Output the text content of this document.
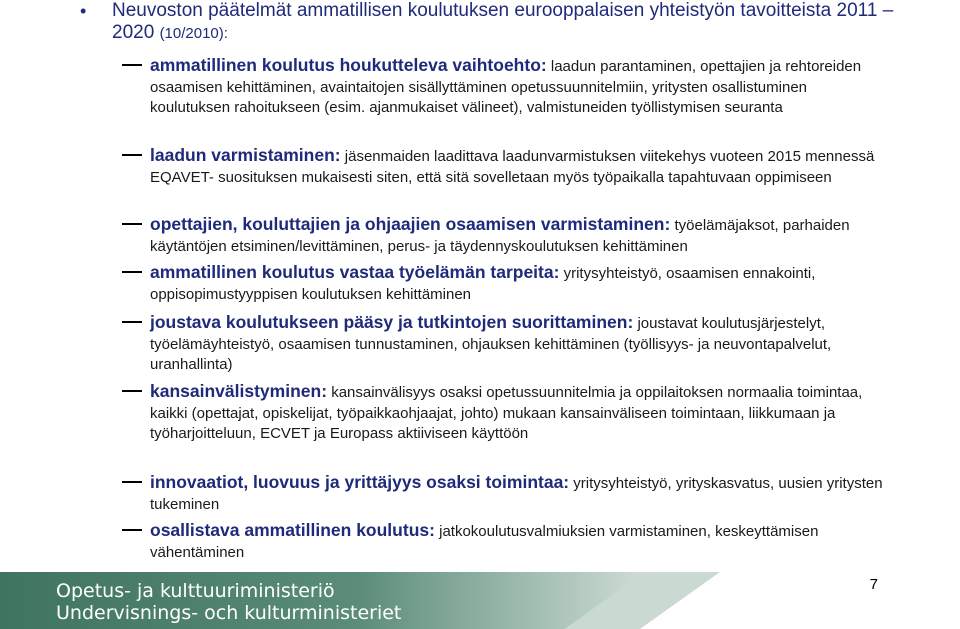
• Neuvoston päätelmät ammatillisen koulutuksen eurooppalaisen yhteistyön tavoitteista 2011 – 2020 (10/2010):
ammatillinen koulutus houkutteleva vaihtoehto: laadun parantaminen, opettajien ja rehtoreiden osaamisen kehittäminen, avaintaitojen sisällyttäminen opetussuunnitelmiin, yritysten osallistuminen koulutuksen rahoitukseen (esim. ajanmukaiset välineet), valmistuneiden työllistymisen seuranta
laadun varmistaminen: jäsenmaiden laadittava laadunvarmistuksen viitekehys vuoteen 2015 mennessä EQAVET- suosituksen mukaisesti siten, että sitä sovelletaan myös työpaikalla tapahtuvaan oppimiseen
opettajien, kouluttajien ja ohjaajien osaamisen varmistaminen: työelämäjaksot, parhaiden käytäntöjen etsiminen/levittäminen, perus- ja täydennyskoulutuksen kehittäminen
ammatillinen koulutus vastaa työelämän tarpeita: yritysyhteistyö, osaamisen ennakointi, oppisopimustyyppisen koulutuksen kehittäminen
joustava koulutukseen pääsy ja tutkintojen suorittaminen: joustavat koulutusjärjestelyt, työelämäyhteistyö, osaamisen tunnustaminen, ohjauksen kehittäminen (työllisyys- ja neuvontapalvelut, uranhallinta)
kansainvälistyminen: kansainvälisyys osaksi opetussuunnitelmia ja oppilaitoksen normaalia toimintaa, kaikki (opettajat, opiskelijat, työpaikkaohjaajat, johto) mukaan kansainväliseen toimintaan, liikkumaan ja työharjoitteluun, ECVET ja Europass aktiiviseen käyttöön
innovaatiot, luovuus ja yrittäjyys osaksi toimintaa: yritysyhteistyö, yrityskasvatus, uusien yritysten tukeminen
osallistava ammatillinen koulutus: jatkokoulutusvalmiuksien varmistaminen, keskeyttämisen vähentäminen
Opetus- ja kulttuuriministeriö
Undervisnings- och kulturministeriet
7
